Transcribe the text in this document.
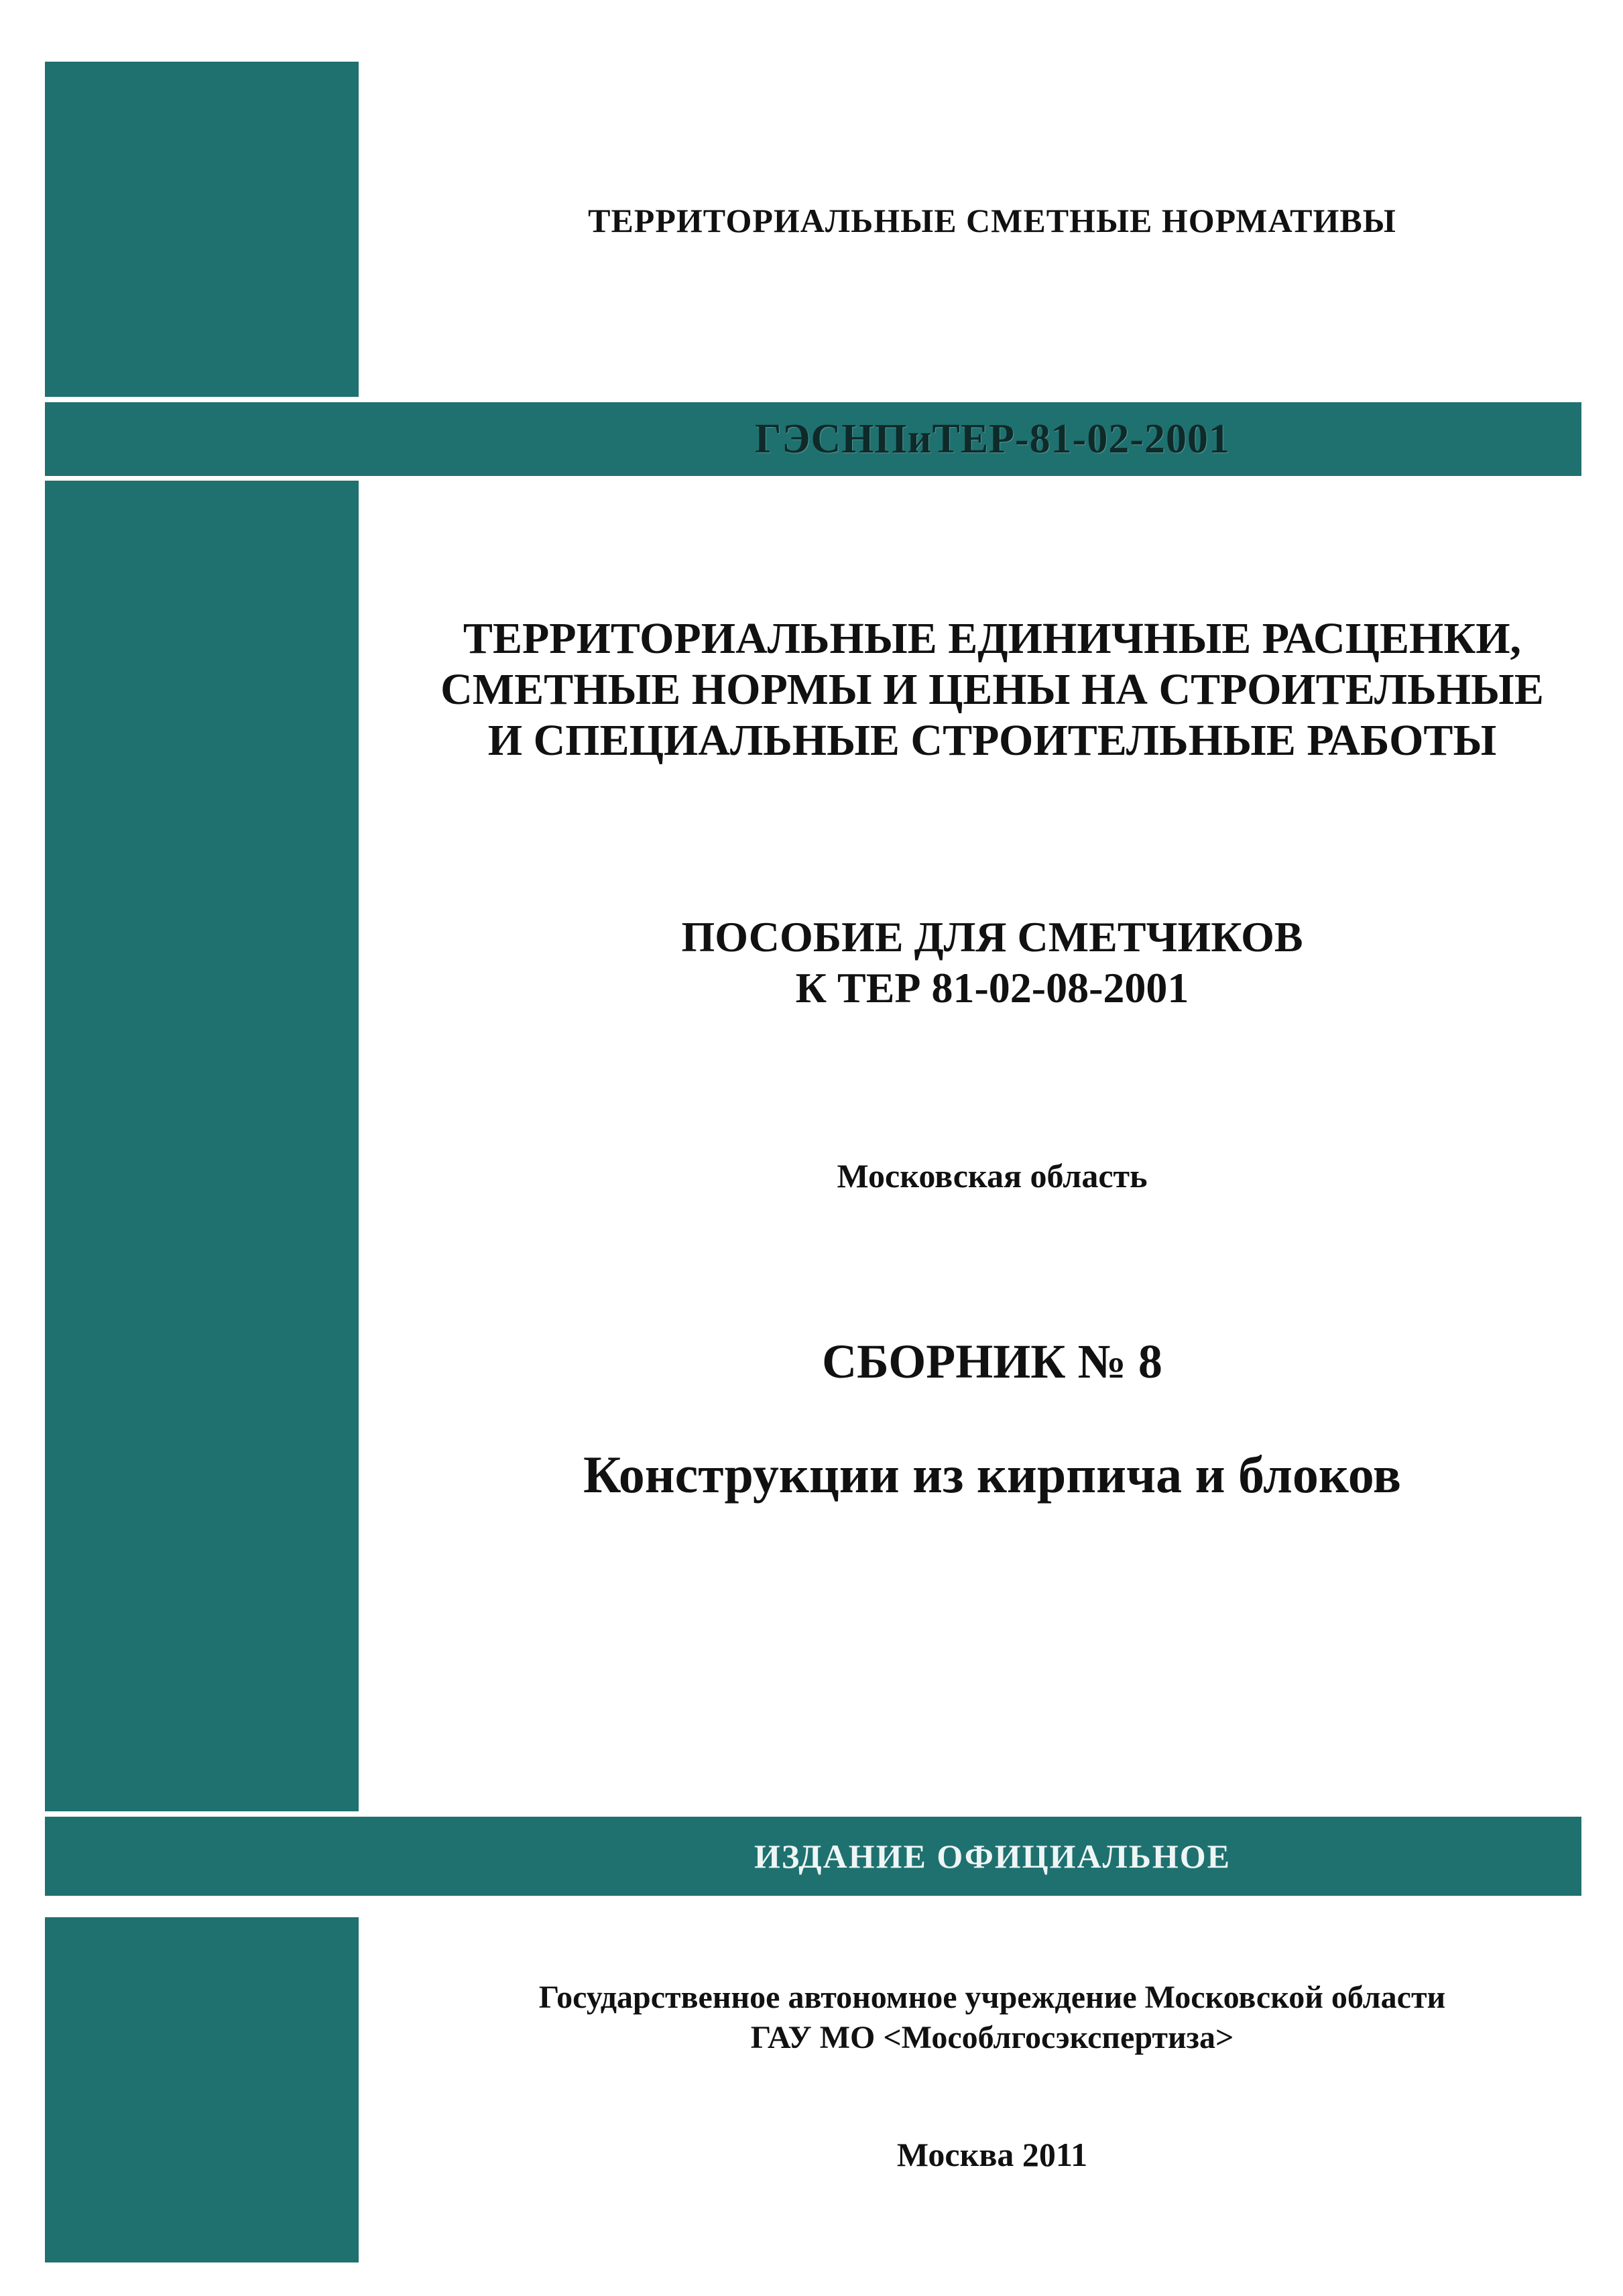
ТЕРРИТОРИАЛЬНЫЕ СМЕТНЫЕ НОРМАТИВЫ
ГЭСНПиТЕР-81-02-2001
ТЕРРИТОРИАЛЬНЫЕ ЕДИНИЧНЫЕ РАСЦЕНКИ,
СМЕТНЫЕ НОРМЫ И ЦЕНЫ НА СТРОИТЕЛЬНЫЕ
И СПЕЦИАЛЬНЫЕ СТРОИТЕЛЬНЫЕ РАБОТЫ
ПОСОБИЕ ДЛЯ СМЕТЧИКОВ
К ТЕР 81-02-08-2001
Московская область
СБОРНИК № 8
Конструкции из кирпича и блоков
ИЗДАНИЕ ОФИЦИАЛЬНОЕ
Государственное автономное учреждение Московской области
ГАУ МО <Мособлгосэкспертиза>
Москва 2011
